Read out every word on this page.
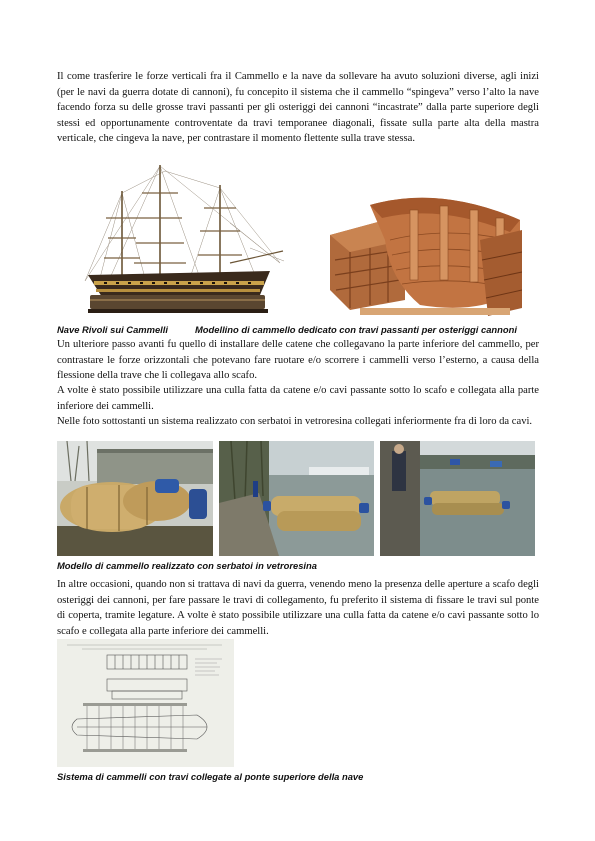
Il come trasferire le forze verticali fra il Cammello e la nave da sollevare ha avuto soluzioni diverse, agli inizi (per le navi da guerra dotate di cannoni), fu concepito il sistema che il cammello “spingeva” verso l’alto la nave facendo forza su delle grosse travi passanti per gli osteriggi dei cannoni “incastrate” dalla parte superiore degli stessi ed opportunamente controventate da travi temporanee diagonali, fissate sulla parte alta della mastra verticale, che cingeva la nave, per contrastare il momento flettente sulla trave stessa.

Nave Rivoli sui Cammelli	Modellino di cammello dedicato con travi passanti per osteriggi cannoni

Un ulteriore passo avanti fu quello di installare delle catene che collegavano la parte inferiore del cammello, per contrastare le forze orizzontali che potevano fare ruotare e/o scorrere i cammelli verso l’esterno, a causa della flessione della trave che li collegava allo scafo.

A volte è stato possibile utilizzare una culla fatta da catene e/o cavi passante sotto lo scafo e collegata alla parte inferiore dei cammelli.

Nelle foto sottostanti un sistema realizzato con serbatoi in vetroresina collegati inferiormente fra di loro da cavi.

Modello di cammello realizzato con serbatoi in vetroresina

In altre occasioni, quando non si trattava di navi da guerra, venendo meno la presenza delle aperture a scafo degli osteriggi dei cannoni, per fare passare le travi di collegamento, fu preferito il sistema di fissare le travi sul ponte di coperta, tramite legature. A volte è stato possibile utilizzare una culla fatta da catene e/o cavi passante sotto lo scafo e collegata alla parte inferiore dei cammelli.

Sistema di cammelli con travi collegate al ponte superiore della nave
